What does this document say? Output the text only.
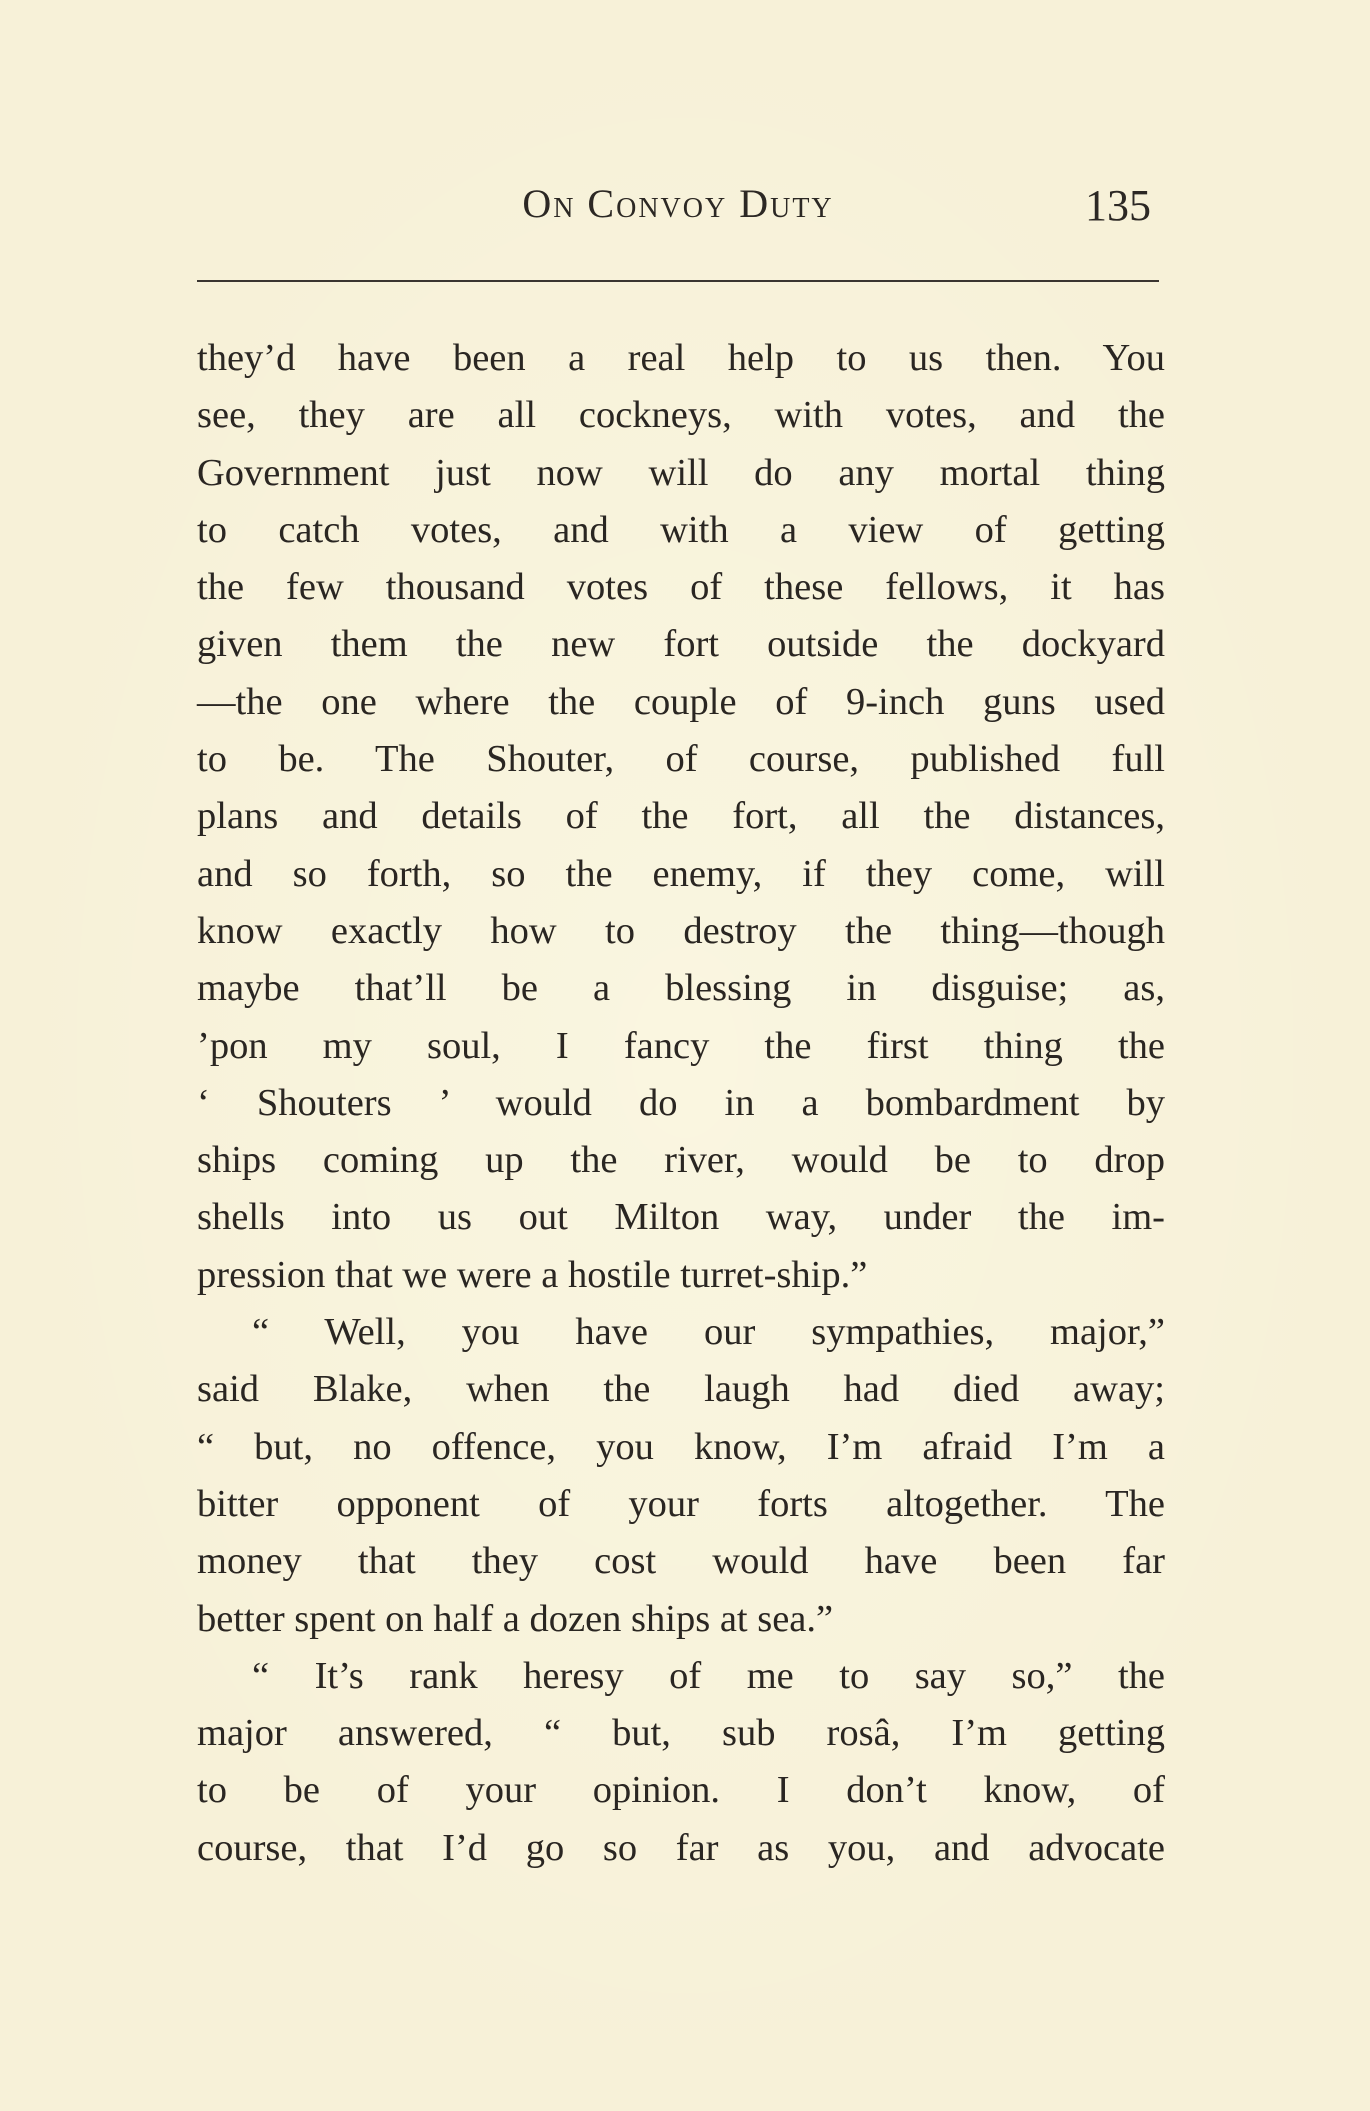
On Convoy Duty	135
they’d have been a real help to us then. You
see, they are all cockneys, with votes, and the
Government just now will do any mortal thing
to catch votes, and with a view of getting
the few thousand votes of these fellows, it has
given them the new fort outside the dockyard
—the one where the couple of 9-inch guns used
to be. The Shouter, of course, published full
plans and details of the fort, all the distances,
and so forth, so the enemy, if they come, will
know exactly how to destroy the thing—though
maybe that’ll be a blessing in disguise; as,
’pon my soul, I fancy the first thing the
‘ Shouters ’ would do in a bombardment by
ships coming up the river, would be to drop
shells into us out Milton way, under the im-
pression that we were a hostile turret-ship.”
“ Well, you have our sympathies, major,”
said Blake, when the laugh had died away;
“ but, no offence, you know, I’m afraid I’m a
bitter opponent of your forts altogether. The
money that they cost would have been far
better spent on half a dozen ships at sea.”
“ It’s rank heresy of me to say so,” the
major answered, “ but, sub rosâ, I’m getting
to be of your opinion. I don’t know, of
course, that I’d go so far as you, and advocate
